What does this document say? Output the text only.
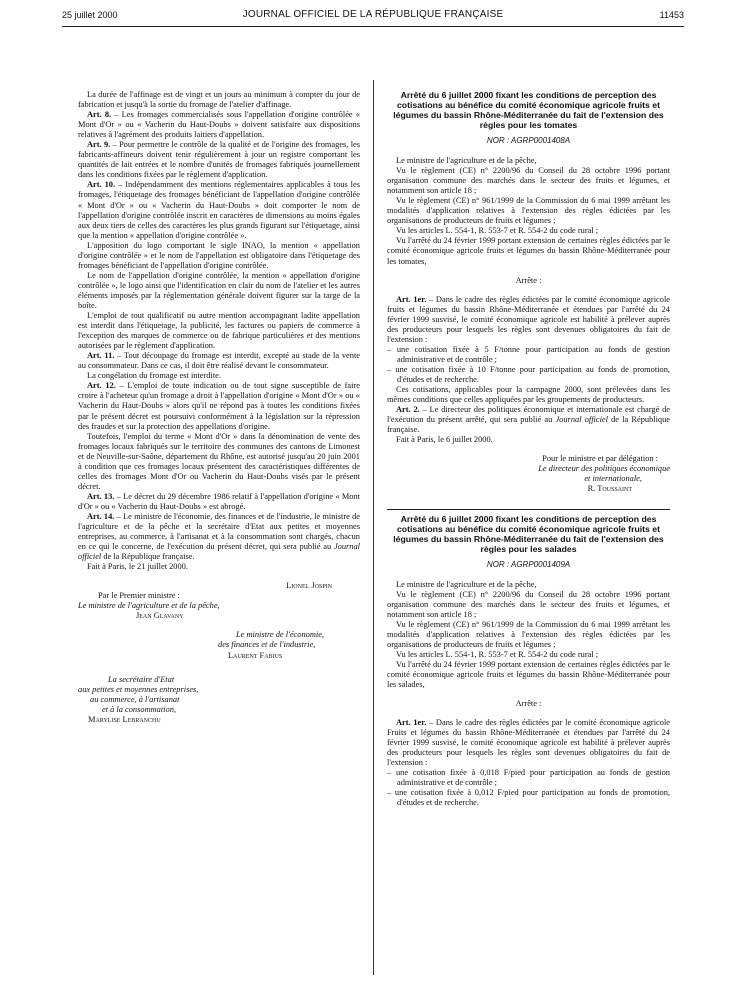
25 juillet 2000	JOURNAL OFFICIEL DE LA RÉPUBLIQUE FRANÇAISE	11453

La durée de l'affinage est de vingt et un jours au minimum à compter du jour de fabrication et jusqu'à la sortie du fromage de l'atelier d'affinage.

Art. 8. – Les fromages commercialisés sous l'appellation d'origine contrôlée « Mont d'Or » ou « Vacherin du Haut-Doubs » doivent satisfaire aux dispositions relatives à l'agrément des produits laitiers d'appellation.

Art. 9. – Pour permettre le contrôle de la qualité et de l'origine des fromages, les fabricants-affineurs doivent tenir régulièrement à jour un registre comportant les quantités de lait entrées et le nombre d'unités de fromages fabriqués journellement dans les conditions fixées par le règlement d'application.

Art. 10. – Indépendamment des mentions réglementaires applicables à tous les fromages, l'étiquetage des fromages bénéficiant de l'appellation d'origine contrôlée « Mont d'Or » ou « Vacherin du Haut-Doubs » doit comporter le nom de l'appellation d'origine contrôlée inscrit en caractères de dimensions au moins égales aux deux tiers de celles des caractères les plus grands figurant sur l'étiquetage, ainsi que la mention « appellation d'origine contrôlée ».

L'apposition du logo comportant le sigle INAO, la mention « appellation d'origine contrôlée » et le nom de l'appellation est obligatoire dans l'étiquetage des fromages bénéficiant de l'appellation d'origine contrôlée.

Le nom de l'appellation d'origine contrôlée, la mention « appellation d'origine contrôlée », le logo ainsi que l'identification en clair du nom de l'atelier et les autres éléments imposés par la réglementation générale doivent figurer sur la targe de la boîte.

L'emploi de tout qualificatif ou autre mention accompagnant ladite appellation est interdit dans l'étiquetage, la publicité, les factures ou papiers de commerce à l'exception des marques de commerce ou de fabrique particulières et des mentions autorisées par le règlement d'application.

Art. 11. – Tout découpage du fromage est interdit, excepté au stade de la vente au consommateur. Dans ce cas, il doit être réalisé devant le consommateur.

La congélation du fromage est interdite.

Art. 12. – L'emploi de toute indication ou de tout signe susceptible de faire croire à l'acheteur qu'un fromage a droit à l'appellation d'origine « Mont d'Or » ou « Vacherin du Haut-Doubs » alors qu'il ne répond pas à toutes les conditions fixées par le présent décret est poursuivi conformément à la législation sur la répression des fraudes et sur la protection des appellations d'origine.

Toutefois, l'emploi du terme « Mont d'Or » dans la dénomination de vente des fromages locaux fabriqués sur le territoire des communes des cantons de Limonest et de Neuville-sur-Saône, département du Rhône, est autorisé jusqu'au 20 juin 2001 à condition que ces fromages locaux présentent des caractéristiques différentes de celles des fromages Mont d'Or ou Vacherin du Haut-Doubs visés par le présent décret.

Art. 13. – Le décret du 29 décembre 1986 relatif à l'appellation d'origine « Mont d'Or » ou « Vacherin du Haut-Doubs » est abrogé.

Art. 14. – Le ministre de l'économie, des finances et de l'industrie, le ministre de l'agriculture et de la pêche et la secrétaire d'Etat aux petites et moyennes entreprises, au commerce, à l'artisanat et à la consommation sont chargés, chacun en ce qui le concerne, de l'exécution du présent décret, qui sera publié au Journal officiel de la République française.

Fait à Paris, le 21 juillet 2000.

Lionel Jospin

Par le Premier ministre :

Le ministre de l'agriculture et de la pêche,

Jean Glavany

Le ministre de l'économie,

des finances et de l'industrie,

Laurent Fabius

La secrétaire d'Etat

aux petites et moyennes entreprises,

au commerce, à l'artisanat

et à la consommation,

Marylise Lebranchu

Arrêté du 6 juillet 2000 fixant les conditions de perception des cotisations au bénéfice du comité économique agricole fruits et légumes du bassin Rhône-Méditerranée du fait de l'extension des règles pour les tomates

NOR : AGRP0001408A

Le ministre de l'agriculture et de la pêche,

Vu le règlement (CE) n° 2200/96 du Conseil du 28 octobre 1996 portant organisation commune des marchés dans le secteur des fruits et légumes, et notamment son article 18 ;

Vu le règlement (CE) n° 961/1999 de la Commission du 6 mai 1999 arrêtant les modalités d'application relatives à l'extension des règles édictées par les organisations de producteurs de fruits et légumes ;

Vu les articles L. 554-1, R. 553-7 et R. 554-2 du code rural ;

Vu l'arrêté du 24 février 1999 portant extension de certaines règles édictées par le comité économique agricole fruits et légumes du bassin Rhône-Méditerranée pour les tomates,

Arrête :

Art. 1er. – Dans le cadre des règles édictées par le comité économique agricole fruits et légumes du bassin Rhône-Méditerranée et étendues par l'arrêté du 24 février 1999 susvisé, le comité économique agricole est habilité à prélever auprès des producteurs pour lesquels les règles sont devenues obligatoires du fait de l'extension :

– une cotisation fixée à 5 F/tonne pour participation au fonds de gestion administrative et de contrôle ;

– une cotisation fixée à 10 F/tonne pour participation au fonds de promotion, d'études et de recherche.

Ces cotisations, applicables pour la campagne 2000, sont prélevées dans les mêmes conditions que celles appliquées par les groupements de producteurs.

Art. 2. – Le directeur des politiques économique et internationale est chargé de l'exécution du présent arrêté, qui sera publié au Journal officiel de la République française.

Fait à Paris, le 6 juillet 2000.

Pour le ministre et par délégation :

Le directeur des politiques économique

et internationale,

R. Toussaint

Arrêté du 6 juillet 2000 fixant les conditions de perception des cotisations au bénéfice du comité économique agricole fruits et légumes du bassin Rhône-Méditerranée du fait de l'extension des règles pour les salades

NOR : AGRP0001409A

Le ministre de l'agriculture et de la pêche,

Vu le règlement (CE) n° 2200/96 du Conseil du 28 octobre 1996 portant organisation commune des marchés dans le secteur des fruits et légumes, et notamment son article 18 ;

Vu le règlement (CE) n° 961/1999 de la Commission du 6 mai 1999 arrêtant les modalités d'application relatives à l'extension des règles édictées par les organisations de producteurs de fruits et légumes ;

Vu les articles L. 554-1, R. 553-7 et R. 554-2 du code rural ;

Vu l'arrêté du 24 février 1999 portant extension de certaines règles édictées par le comité économique agricole fruits et légumes du bassin Rhône-Méditerranée pour les salades,

Arrête :

Art. 1er. – Dans le cadre des règles édictées par le comité économique agricole Fruits et légumes du bassin Rhône-Méditerranée et étendues par l'arrêté du 24 février 1999 susvisé, le comité économique agricole est habilité à prélever auprès des producteurs pour lesquels les règles sont devenues obligatoires du fait de l'extension :

– une cotisation fixée à 0,018 F/pied pour participation au fonds de gestion administrative et de contrôle ;

– une cotisation fixée à 0,012 F/pied pour participation au fonds de promotion, d'études et de recherche.
